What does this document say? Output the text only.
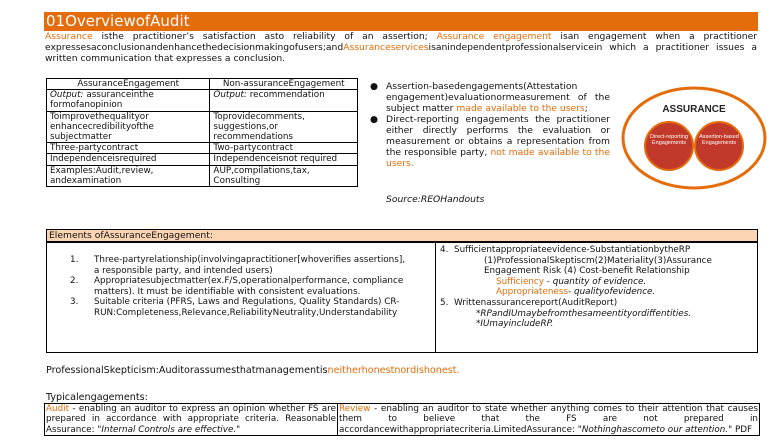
01OverviewofAudit
Assurance isthe practitioner’s satisfaction asto reliability of an assertion; Assurance engagement isan engagement when a practitioner expressesaconclusionandenhancethedecisionmakingofusers;andAssuranceservicesisanindependentprofessionalservicein which a practitioner issues a written communication that expresses a conclusion.
AssuranceEngagement	Non-assuranceEngagement
Output: assuranceinthe formofanopinion	Output: recommendation
Toimprovethequalityor enhancecredibilityofthe subjectmatter	Toprovidecomments, suggestions,or recommendations
Three-partycontract	Two-partycontract
Independenceisrequired	Independenceisnot required
Examples:Audit,review, andexamination	AUP,compilations,tax, Consulting
● Assertion-basedengagements(Attestation engagement)evaluationormeasurement of the subject matter made available to the users;
● Direct-reporting engagements the practitioner either directly performs the evaluation or measurement or obtains a representation from the responsible party, not made available to the users.
Source:REOHandouts
ASSURANCE
Direct-reporting Engagements
Assertion-based Engagements
Elements ofAssuranceEngagement:
1. Three-partyrelationship(involvingapractitioner[whoverifies assertions], a responsible party, and intended users)
2. Appropriatesubjectmatter(ex.F/S,operationalperformance, compliance matters). It must be identifiable with consistent evaluations.
3. Suitable criteria (PFRS, Laws and Regulations, Quality Standards) CR-RUN:Completeness,Relevance,ReliabilityNeutrality,Understandability
4. Sufficientappropriateevidence-SubstantiationbytheRP
(1)ProfessionalSkeptiscm(2)Materiality(3)Assurance Engagement Risk (4) Cost-benefit Relationship
Sufficiency - quantity of evidence.
Appropriateness- qualityofevidence.
5. Writtenassurancereport(AuditReport)
*RPandIUmaybefromthesameentityordiffentities.
*IUmayincludeRP.
ProfessionalSkepticism:Auditorassumesthatmanagementisneitherhonestnordishonest.
Typicalengagements:
Audit - enabling an auditor to express an opinion whether FS are prepared in accordance with appropriate criteria. Reasonable Assurance: "Internal Controls are effective."	Review - enabling an auditor to state whether anything comes to their attention that causes them to believe that the FS are not prepared in accordancewithappropriatecriteria.LimitedAssurance: "Nothinghascometo our attention." PDF
